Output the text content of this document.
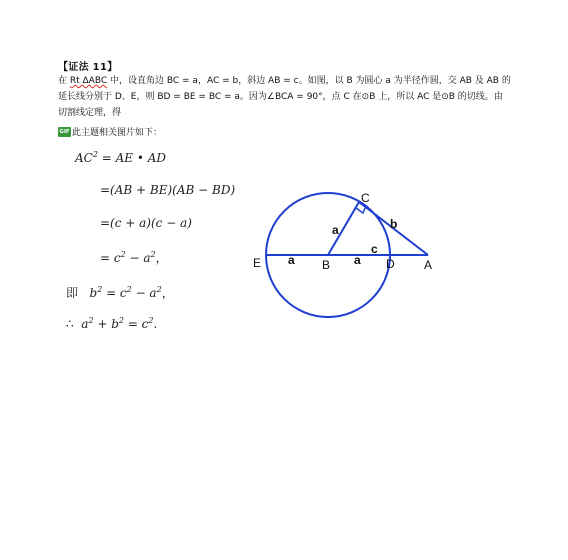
【证法 11】
在 Rt ΔABC 中，设直角边 BC = a，AC = b，斜边 AB = c。如图，以 B 为圆心 a 为半径作圆，交 AB 及 AB 的
延长线分别于 D、E，则 BD = BE = BC = a。因为∠BCA = 90°，点 C 在⊙B 上，所以 AC 是⊙B 的切线。由
切割线定理，得
GIF 此主题相关图片如下：
$AC^2$ = AE • AD
=(AB + BE)(AB − BD)
=(c + a)(c − a)
= $c^2 - a^2$，
即 $b^2 = c^2 - a^2$，
∴ $a^2 + b^2 = c^2$.
C
E	B	D A
a
a	a
b
c
